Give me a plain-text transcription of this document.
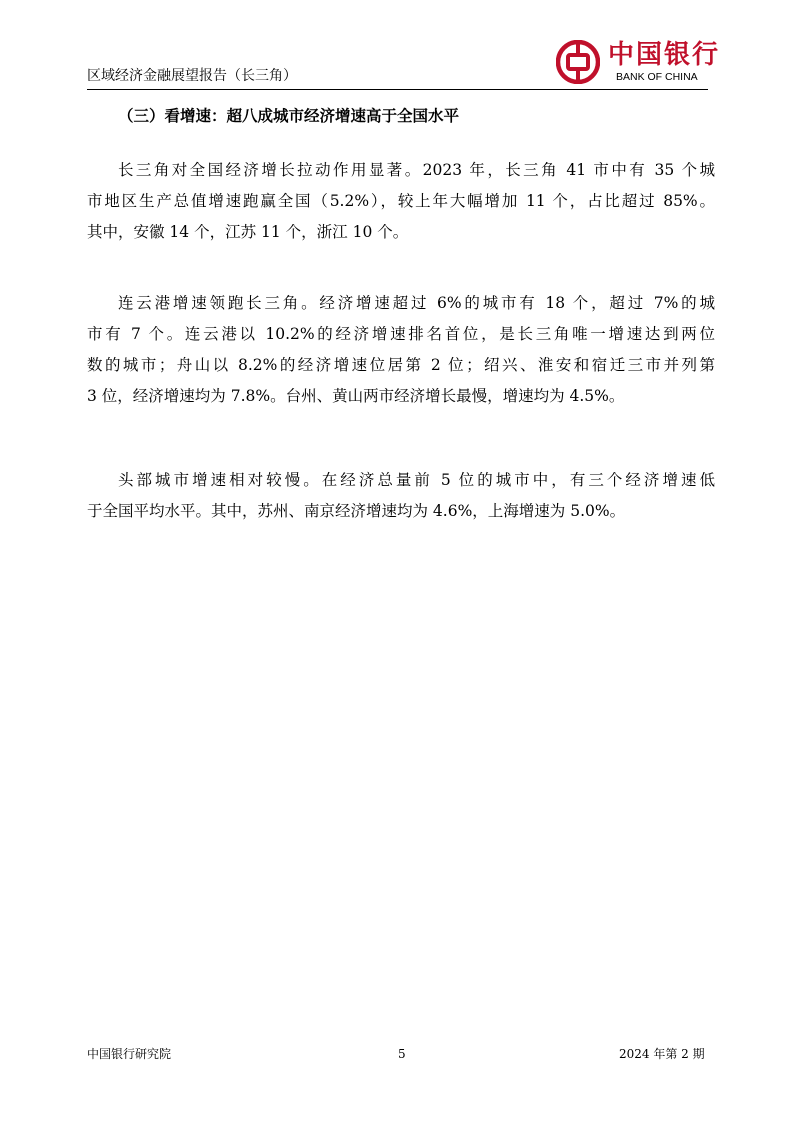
区域经济金融展望报告（长三角）
中国银行
BANK OF CHINA
（三）看增速：超八成城市经济增速高于全国水平
长三角对全国经济增长拉动作用显著。2023 年，长三角 41 市中有 35 个城
市地区生产总值增速跑赢全国（5.2%），较上年大幅增加 11 个，占比超过 85%。
其中，安徽 14 个，江苏 11 个，浙江 10 个。
连云港增速领跑长三角。经济增速超过 6%的城市有 18 个，超过 7%的城
市有 7 个。连云港以 10.2%的经济增速排名首位，是长三角唯一增速达到两位
数的城市；舟山以 8.2%的经济增速位居第 2 位；绍兴、淮安和宿迁三市并列第
3 位，经济增速均为 7.8%。台州、黄山两市经济增长最慢，增速均为 4.5%。
头部城市增速相对较慢。在经济总量前 5 位的城市中，有三个经济增速低
于全国平均水平。其中，苏州、南京经济增速均为 4.6%，上海增速为 5.0%。
中国银行研究院	5	2024 年第 2 期
